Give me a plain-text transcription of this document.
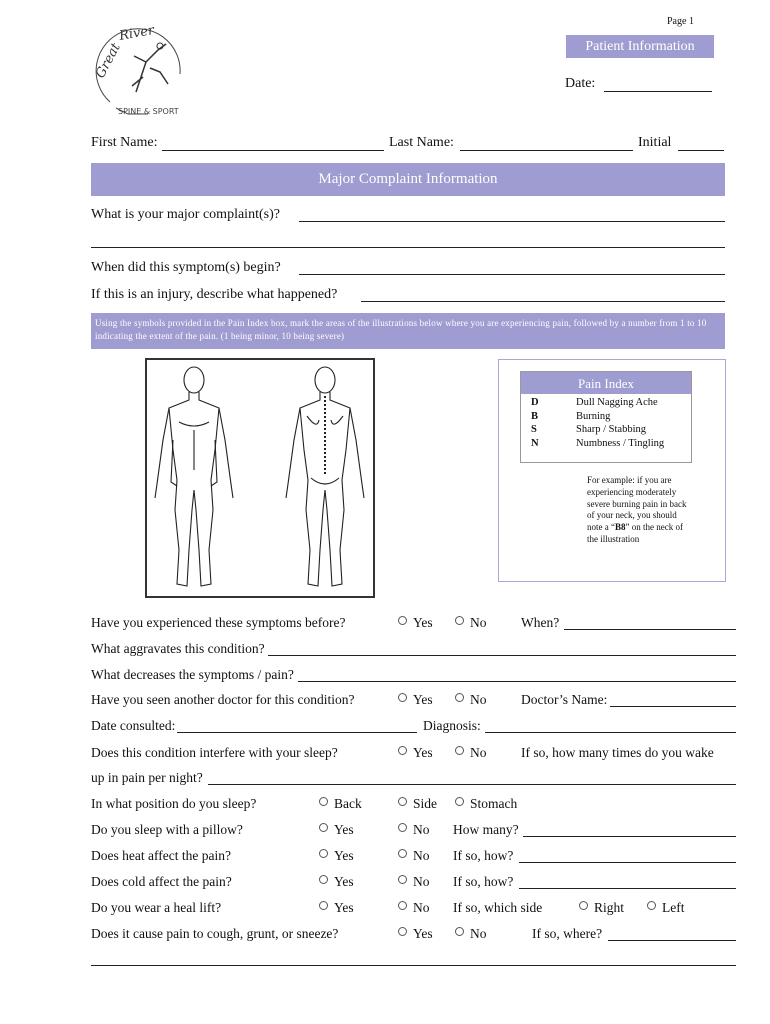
Page 1
Great
River
SPINE & SPORT
Patient Information
Date:
First Name:	Last Name:	Initial
Major Complaint Information
What is your major complaint(s)?
When did this symptom(s) begin?
If this is an injury, describe what happened?
Using the symbols provided in the Pain Index box, mark the areas of the illustrations below where you are experiencing pain, followed by a number from 1 to 10 indicating the extent of the pain. (1 being minor, 10 being severe)
Pain Index
D	Dull Nagging Ache
B	Burning
S	Sharp / Stabbing
N	Numbness / Tingling
For example: if you are experiencing moderately severe burning pain in back of your neck, you should note a “B8” on the neck of the illustration
Have you experienced these symptoms before?	Yes	No	When?
What aggravates this condition?
What decreases the symptoms / pain?
Have you seen another doctor for this condition?	Yes	No	Doctor’s Name:
Date consulted:	Diagnosis:
Does this condition interfere with your sleep?	Yes	No	If so, how many times do you wake
up in pain per night?
In what position do you sleep?	Back	Side	Stomach
Do you sleep with a pillow?	Yes	No How many?
Does heat affect the pain?	Yes	No If so, how?
Does cold affect the pain?	Yes	No If so, how?
Do you wear a heal lift?	Yes	No If so, which side	Right	Left
Does it cause pain to cough, grunt, or sneeze?	Yes	No	If so, where?
